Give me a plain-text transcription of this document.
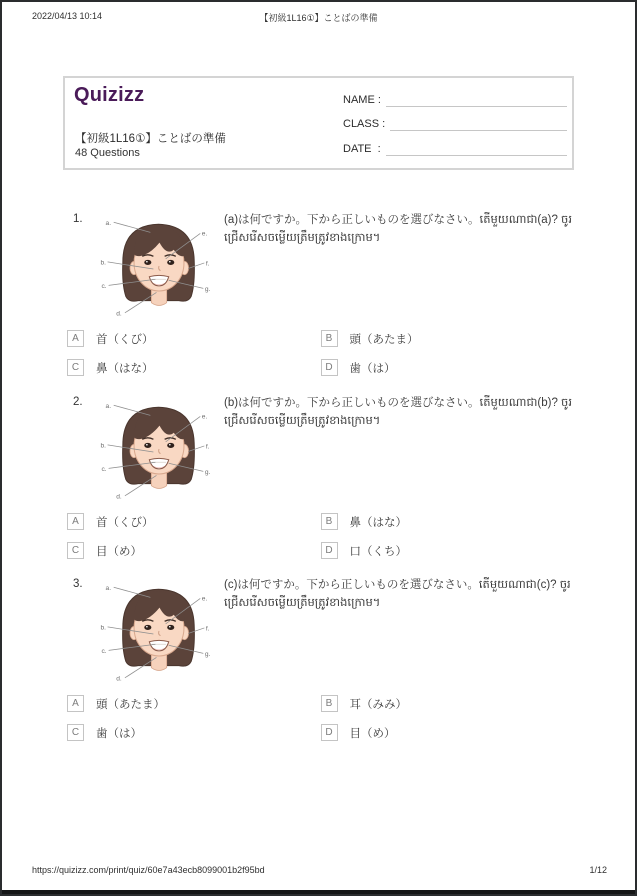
【初級1L16①】ことばの準備
2022/04/13 10:14
Quizizz
【初級1L16①】ことばの準備
48 Questions
NAME :
CLASS :
DATE  :
1.	(a)は何ですか。下から正しいものを選びなさい。តើមួយណាជា(a)? ចូរជ្រើសរើសចម្លើយត្រឹមត្រូវខាងក្រោម។
A	首（くび）	B	頭（あたま）
C	鼻（はな）	D	歯（は）
2.	(b)は何ですか。下から正しいものを選びなさい。តើមួយណាជា(b)? ចូរជ្រើសរើសចម្លើយត្រឹមត្រូវខាងក្រោម។
A	首（くび）	B	鼻（はな）
C	目（め）	D	口（くち）
3.	(c)は何ですか。下から正しいものを選びなさい。តើមួយណាជា(c)? ចូរជ្រើសរើសចម្លើយត្រឹមត្រូវខាងក្រោម។
A	頭（あたま）	B	耳（みみ）
C	歯（は）	D	目（め）
https://quizizz.com/print/quiz/60e7a43ecb8099001b2f95bd	1/12
